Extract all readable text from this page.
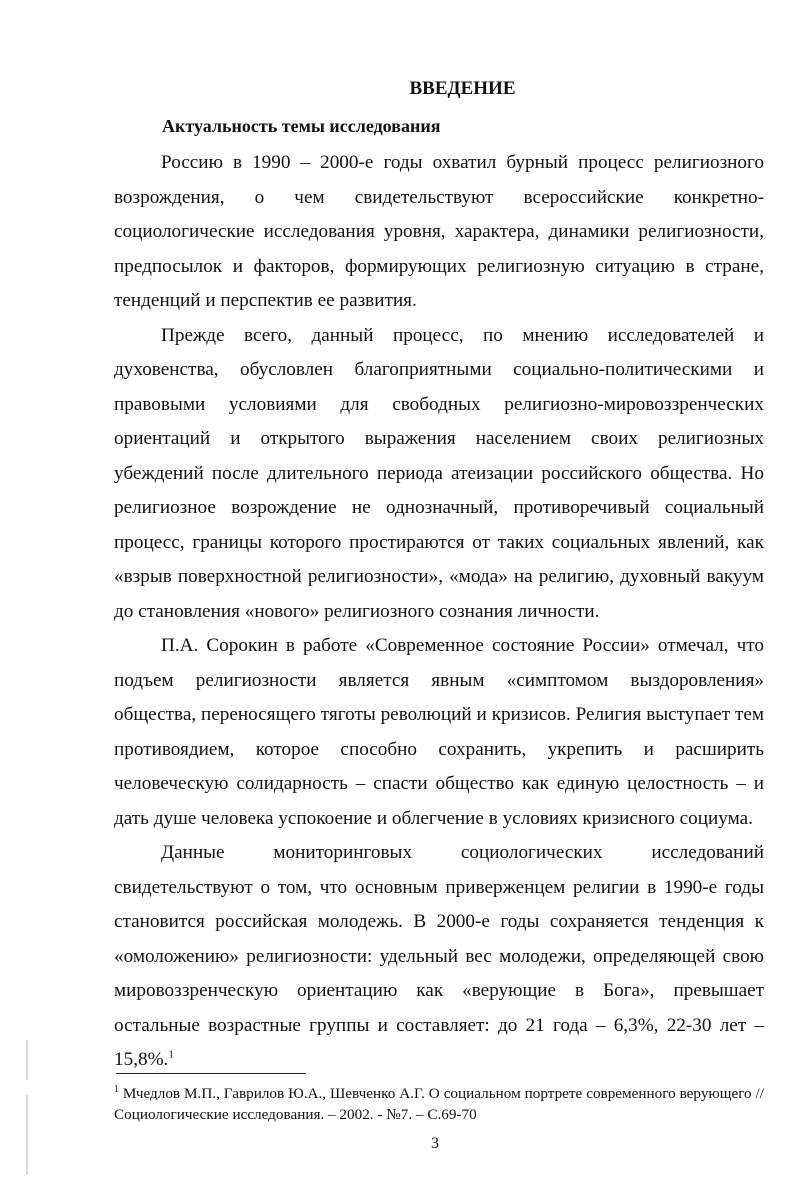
ВВЕДЕНИЕ
Актуальность темы исследования

Россию в 1990 – 2000-е годы охватил бурный процесс религиозного возрождения, о чем свидетельствуют всероссийские конкретно-социологические исследования уровня, характера, динамики религиозности, предпосылок и факторов, формирующих религиозную ситуацию в стране, тенденций и перспектив ее развития.

Прежде всего, данный процесс, по мнению исследователей и духовенства, обусловлен благоприятными социально-политическими и правовыми условиями для свободных религиозно-мировоззренческих ориентаций и открытого выражения населением своих религиозных убеждений после длительного периода атеизации российского общества. Но религиозное возрождение не однозначный, противоречивый социальный процесс, границы которого простираются от таких социальных явлений, как «взрыв поверхностной религиозности», «мода» на религию, духовный вакуум до становления «нового» религиозного сознания личности.

П.А. Сорокин в работе «Современное состояние России» отмечал, что подъем религиозности является явным «симптомом выздоровления» общества, переносящего тяготы революций и кризисов. Религия выступает тем противоядием, которое способно сохранить, укрепить и расширить человеческую солидарность – спасти общество как единую целостность – и дать душе человека успокоение и облегчение в условиях кризисного социума.

Данные мониторинговых социологических исследований свидетельствуют о том, что основным приверженцем религии в 1990-е годы становится российская молодежь. В 2000-е годы сохраняется тенденция к «омоложению» религиозности: удельный вес молодежи, определяющей свою мировоззренческую ориентацию как «верующие в Бога», превышает остальные возрастные группы и составляет: до 21 года – 6,3%, 22-30 лет – 15,8%.$^1$

$^1$ Мчедлов М.П., Гаврилов Ю.А., Шевченко А.Г. О социальном портрете современного верующего // Социологические исследования. – 2002. - №7. – С.69-70
3
